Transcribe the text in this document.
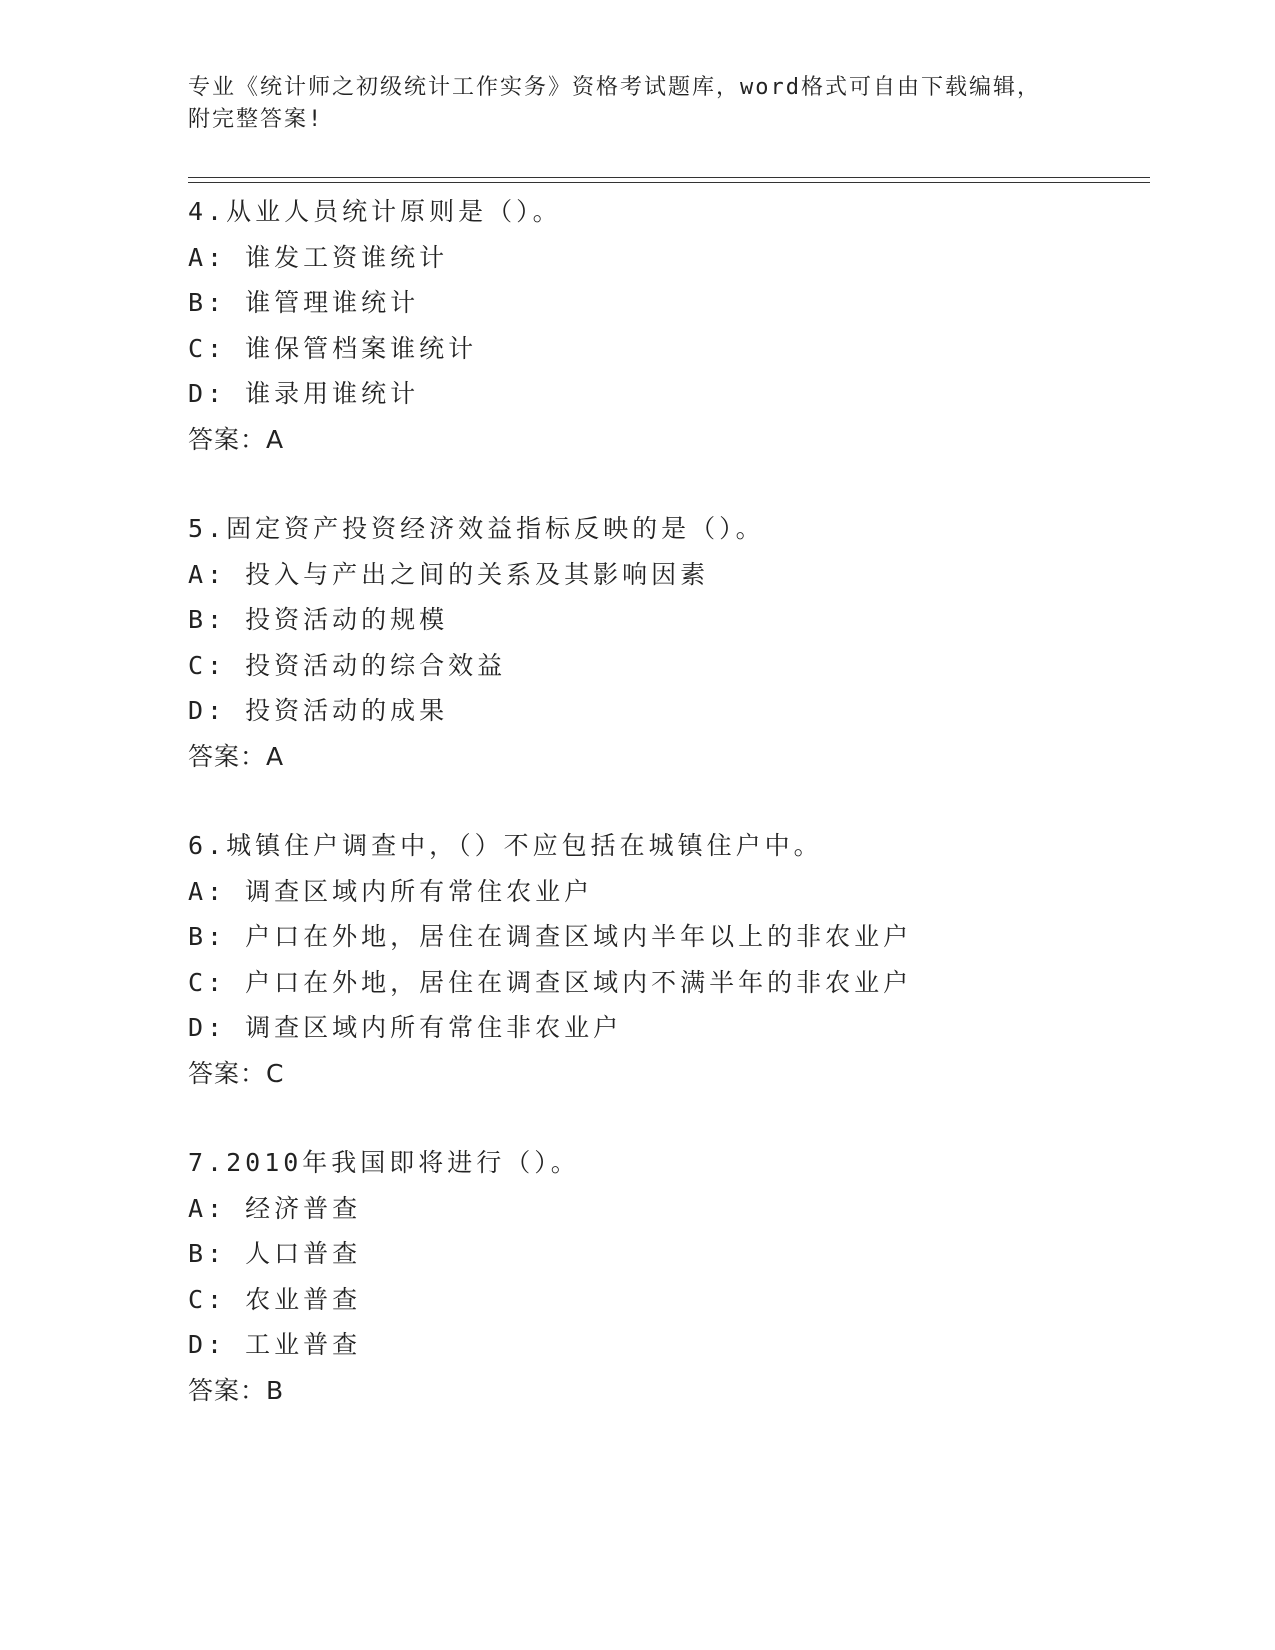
专业《统计师之初级统计工作实务》资格考试题库，word格式可自由下载编辑，
附完整答案!
4.从业人员统计原则是（）。
A: 谁发工资谁统计
B: 谁管理谁统计
C: 谁保管档案谁统计
D: 谁录用谁统计
答案：A
5.固定资产投资经济效益指标反映的是（）。
A: 投入与产出之间的关系及其影响因素
B: 投资活动的规模
C: 投资活动的综合效益
D: 投资活动的成果
答案：A
6.城镇住户调查中，（）不应包括在城镇住户中。
A: 调查区域内所有常住农业户
B: 户口在外地，居住在调查区域内半年以上的非农业户
C: 户口在外地，居住在调查区域内不满半年的非农业户
D: 调查区域内所有常住非农业户
答案：C
7.2010年我国即将进行（）。
A: 经济普查
B: 人口普查
C: 农业普查
D: 工业普查
答案：B
